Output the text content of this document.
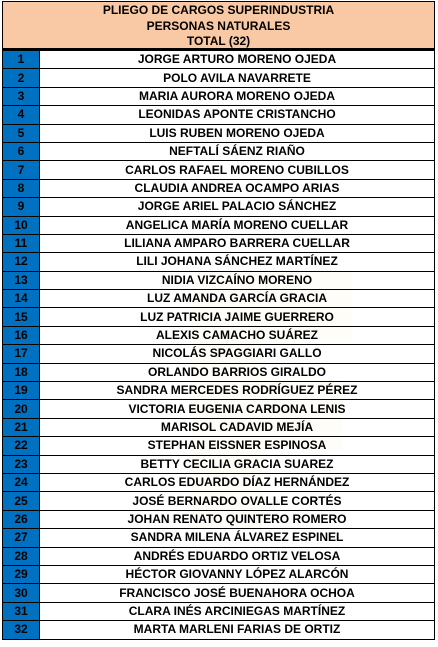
PLIEGO DE CARGOS SUPERINDUSTRIA
PERSONAS NATURALES
TOTAL (32)
1	JORGE ARTURO MORENO OJEDA
2	POLO AVILA NAVARRETE
3	MARIA AURORA MORENO OJEDA
4	LEONIDAS APONTE CRISTANCHO
5	LUIS RUBEN MORENO OJEDA
6	NEFTALÍ SÁENZ RIAÑO
7	CARLOS RAFAEL MORENO CUBILLOS
8	CLAUDIA ANDREA OCAMPO ARIAS
9	JORGE ARIEL PALACIO SÁNCHEZ
10	ANGELICA MARÍA MORENO CUELLAR
11	LILIANA AMPARO BARRERA CUELLAR
12	LILI JOHANA SÁNCHEZ MARTÍNEZ
13	NIDIA VIZCAÍNO MORENO
14	LUZ AMANDA GARCÍA GRACIA
15	LUZ PATRICIA JAIME GUERRERO
16	ALEXIS CAMACHO SUÁREZ
17	NICOLÁS SPAGGIARI GALLO
18	ORLANDO BARRIOS GIRALDO
19	SANDRA MERCEDES RODRÍGUEZ PÉREZ
20	VICTORIA EUGENIA CARDONA LENIS
21	MARISOL CADAVID MEJÍA
22	STEPHAN EISSNER ESPINOSA
23	BETTY CECILIA GRACIA SUAREZ
24	CARLOS EDUARDO DÍAZ HERNÁNDEZ
25	JOSÉ BERNARDO OVALLE CORTÉS
26	JOHAN RENATO QUINTERO ROMERO
27	SANDRA MILENA ÁLVAREZ ESPINEL
28	ANDRÉS EDUARDO ORTIZ VELOSA
29	HÉCTOR GIOVANNY LÓPEZ ALARCÓN
30	FRANCISCO JOSÉ BUENAHORA OCHOA
31	CLARA INÉS ARCINIEGAS MARTÍNEZ
32	MARTA MARLENI FARIAS DE ORTIZ
